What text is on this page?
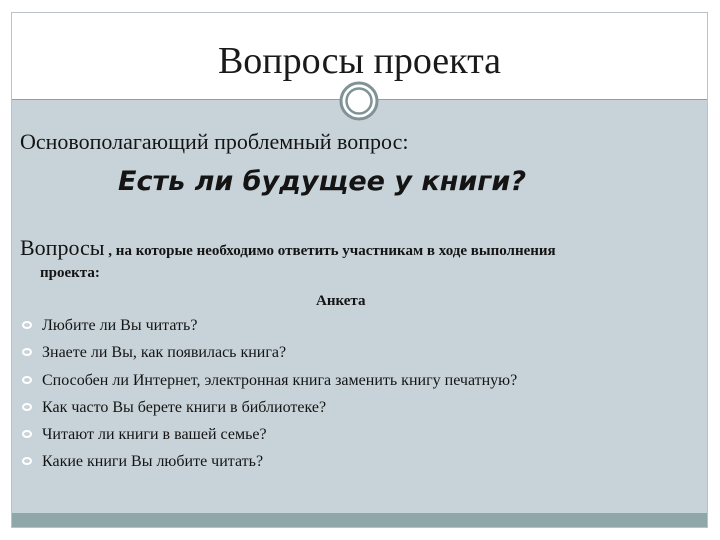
Вопросы проекта
Основополагающий проблемный вопрос:
Есть ли будущее у книги?
Вопросы , на которые необходимо ответить участникам в ходе выполнения
проекта:
Анкета
Любите ли Вы читать?
Знаете ли Вы, как появилась книга?
Способен ли Интернет, электронная книга заменить книгу печатную?
Как часто Вы берете книги в библиотеке?
Читают ли книги в вашей семье?
Какие книги Вы любите читать?
